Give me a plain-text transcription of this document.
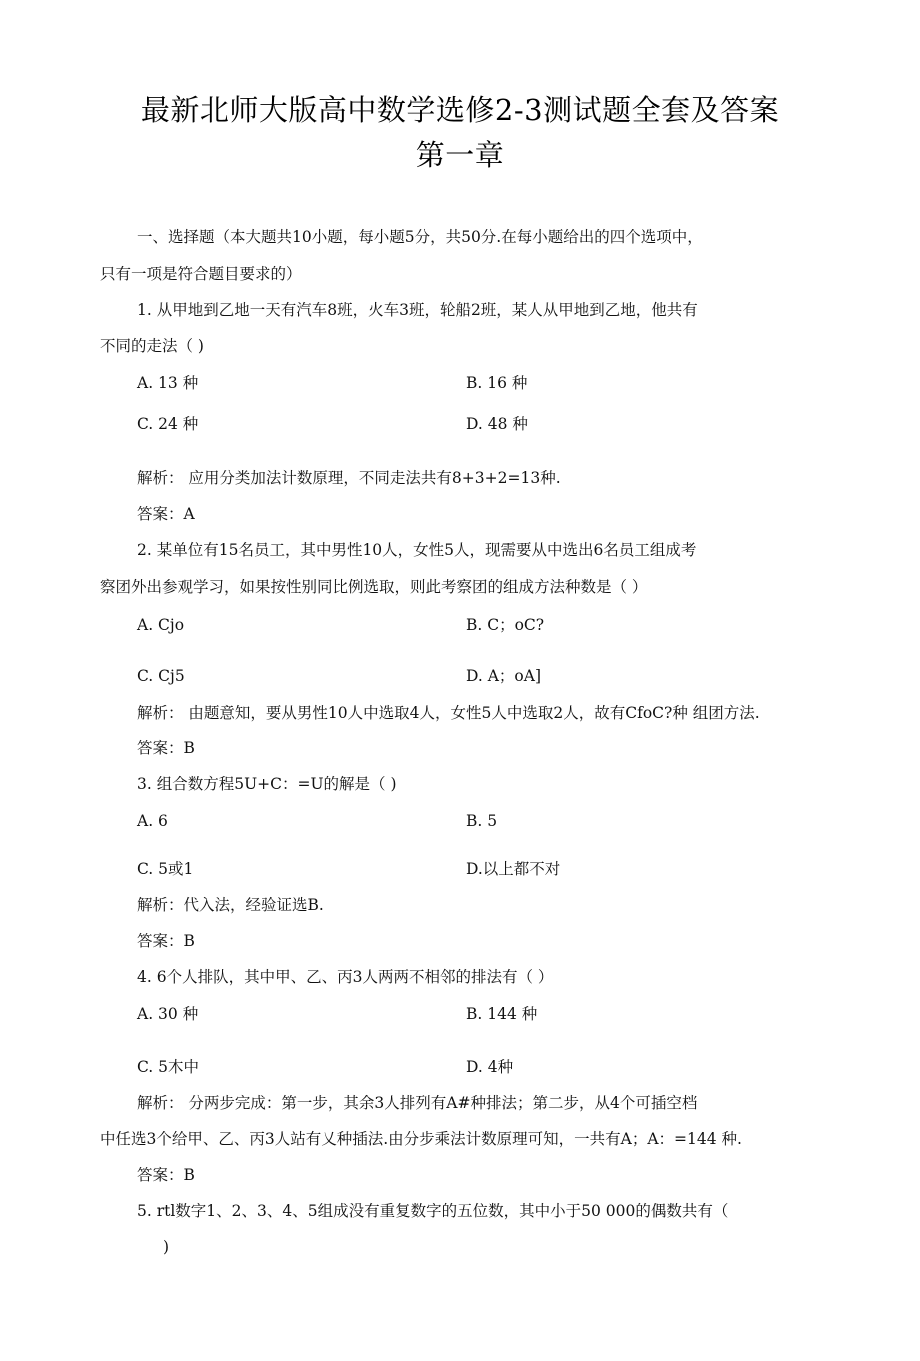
最新北师大版高中数学选修2-3测试题全套及答案
第一章
一、选择题（本大题共10小题，每小题5分，共50分.在每小题给出的四个选项中，
只有一项是符合题目要求的）
1. 从甲地到乙地一天有汽车8班，火车3班，轮船2班，某人从甲地到乙地，他共有
不同的走法（ )
A. 13 种	B. 16 种
C. 24 种	D. 48 种
解析： 应用分类加法计数原理，不同走法共有8+3+2=13种.
答案：A
2. 某单位有15名员工，其中男性10人，女性5人，现需要从中选出6名员工组成考
察团外出参观学习，如果按性别同比例选取，则此考察团的组成方法种数是（ ）
A. Cjo	B. C；oC?
C. Cj5	D. A；oA]
解析： 由题意知，要从男性10人中选取4人，女性5人中选取2人，故有CfoC?种 组团方法.
答案：B
3. 组合数方程5U+C：=U的解是（ )
A. 6	B. 5
C. 5或1	D.以上都不对
解析：代入法，经验证选B.
答案：B
4. 6个人排队，其中甲、乙、丙3人两两不相邻的排法有（ ）
A. 30 种	B. 144 种
C. 5木中	D. 4种
解析： 分两步完成：第一步，其余3人排列有A#种排法；第二步，从4个可插空档
中任选3个给甲、乙、丙3人站有乂种插法.由分步乘法计数原理可知，一共有A；A：=144 种.
答案：B
5. rtl数字1、2、3、4、5组成没有重复数字的五位数，其中小于50 000的偶数共有（
)
